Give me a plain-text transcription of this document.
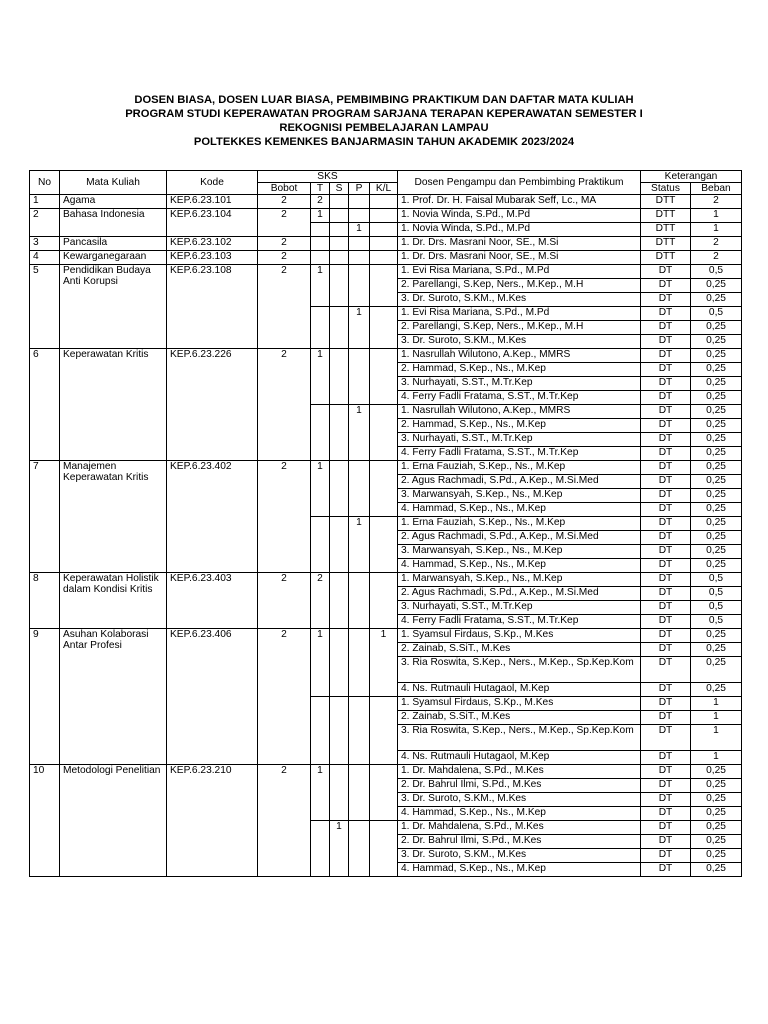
DOSEN BIASA, DOSEN LUAR BIASA, PEMBIMBING PRAKTIKUM DAN DAFTAR MATA KULIAH
PROGRAM STUDI KEPERAWATAN PROGRAM SARJANA TERAPAN KEPERAWATAN SEMESTER I
REKOGNISI PEMBELAJARAN LAMPAU
POLTEKKES KEMENKES BANJARMASIN TAHUN AKADEMIK 2023/2024
No	Mata Kuliah	Kode	SKS					Dosen Pengampu dan Pembimbing Praktikum	Keterangan	
			Bobot	T	S	P	K/L		Status	Beban
1	Agama	KEP.6.23.101	2	2				1. Prof. Dr. H. Faisal Mubarak Seff, Lc., MA	DTT	2
2	Bahasa Indonesia	KEP.6.23.104	2	1				1. Novia Winda, S.Pd., M.Pd	DTT	1
						1		1. Novia Winda, S.Pd., M.Pd	DTT	1
3	Pancasila	KEP.6.23.102	2					1. Dr. Drs. Masrani Noor, SE., M.Si	DTT	2
4	Kewarganegaraan	KEP.6.23.103	2					1. Dr. Drs. Masrani Noor, SE., M.Si	DTT	2
5	Pendidikan Budaya Anti Korupsi	KEP.6.23.108	2	1				1. Evi Risa Mariana, S.Pd., M.Pd	DT	0,5
								2. Parellangi, S.Kep, Ners., M.Kep., M.H	DT	0,25
								3. Dr. Suroto, S.KM., M.Kes	DT	0,25
						1		1. Evi Risa Mariana, S.Pd., M.Pd	DT	0,5
								2. Parellangi, S.Kep, Ners., M.Kep., M.H	DT	0,25
								3. Dr. Suroto, S.KM., M.Kes	DT	0,25
6	Keperawatan Kritis	KEP.6.23.226	2	1				1. Nasrullah Wilutono, A.Kep., MMRS	DT	0,25
								2. Hammad, S.Kep., Ns., M.Kep	DT	0,25
								3. Nurhayati, S.ST., M.Tr.Kep	DT	0,25
								4. Ferry Fadli Fratama, S.ST., M.Tr.Kep	DT	0,25
						1		1. Nasrullah Wilutono, A.Kep., MMRS	DT	0,25
								2. Hammad, S.Kep., Ns., M.Kep	DT	0,25
								3. Nurhayati, S.ST., M.Tr.Kep	DT	0,25
								4. Ferry Fadli Fratama, S.ST., M.Tr.Kep	DT	0,25
7	Manajemen Keperawatan Kritis	KEP.6.23.402	2	1				1. Erna Fauziah, S.Kep., Ns., M.Kep	DT	0,25
								2. Agus Rachmadi, S.Pd., A.Kep., M.Si.Med	DT	0,25
								3. Marwansyah, S.Kep., Ns., M.Kep	DT	0,25
								4. Hammad, S.Kep., Ns., M.Kep	DT	0,25
						1		1. Erna Fauziah, S.Kep., Ns., M.Kep	DT	0,25
								2. Agus Rachmadi, S.Pd., A.Kep., M.Si.Med	DT	0,25
								3. Marwansyah, S.Kep., Ns., M.Kep	DT	0,25
								4. Hammad, S.Kep., Ns., M.Kep	DT	0,25
8	Keperawatan Holistik dalam Kondisi Kritis	KEP.6.23.403	2	2				1. Marwansyah, S.Kep., Ns., M.Kep	DT	0,5
								2. Agus Rachmadi, S.Pd., A.Kep., M.Si.Med	DT	0,5
								3. Nurhayati, S.ST., M.Tr.Kep	DT	0,5
								4. Ferry Fadli Fratama, S.ST., M.Tr.Kep	DT	0,5
9	Asuhan Kolaborasi Antar Profesi	KEP.6.23.406	2	1			1	1. Syamsul Firdaus, S.Kp., M.Kes	DT	0,25
								2. Zainab, S.SiT., M.Kes	DT	0,25
								3. Ria Roswita, S.Kep., Ners., M.Kep., Sp.Kep.Kom	DT	0,25
								4. Ns. Rutmauli Hutagaol, M.Kep	DT	0,25
								1. Syamsul Firdaus, S.Kp., M.Kes	DT	1
								2. Zainab, S.SiT., M.Kes	DT	1
								3. Ria Roswita, S.Kep., Ners., M.Kep., Sp.Kep.Kom	DT	1
								4. Ns. Rutmauli Hutagaol, M.Kep	DT	1
10	Metodologi Penelitian	KEP.6.23.210	2	1				1. Dr. Mahdalena, S.Pd., M.Kes	DT	0,25
								2. Dr. Bahrul Ilmi, S.Pd., M.Kes	DT	0,25
								3. Dr. Suroto, S.KM., M.Kes	DT	0,25
								4. Hammad, S.Kep., Ns., M.Kep	DT	0,25
					1			1. Dr. Mahdalena, S.Pd., M.Kes	DT	0,25
								2. Dr. Bahrul Ilmi, S.Pd., M.Kes	DT	0,25
								3. Dr. Suroto, S.KM., M.Kes	DT	0,25
								4. Hammad, S.Kep., Ns., M.Kep	DT	0,25
